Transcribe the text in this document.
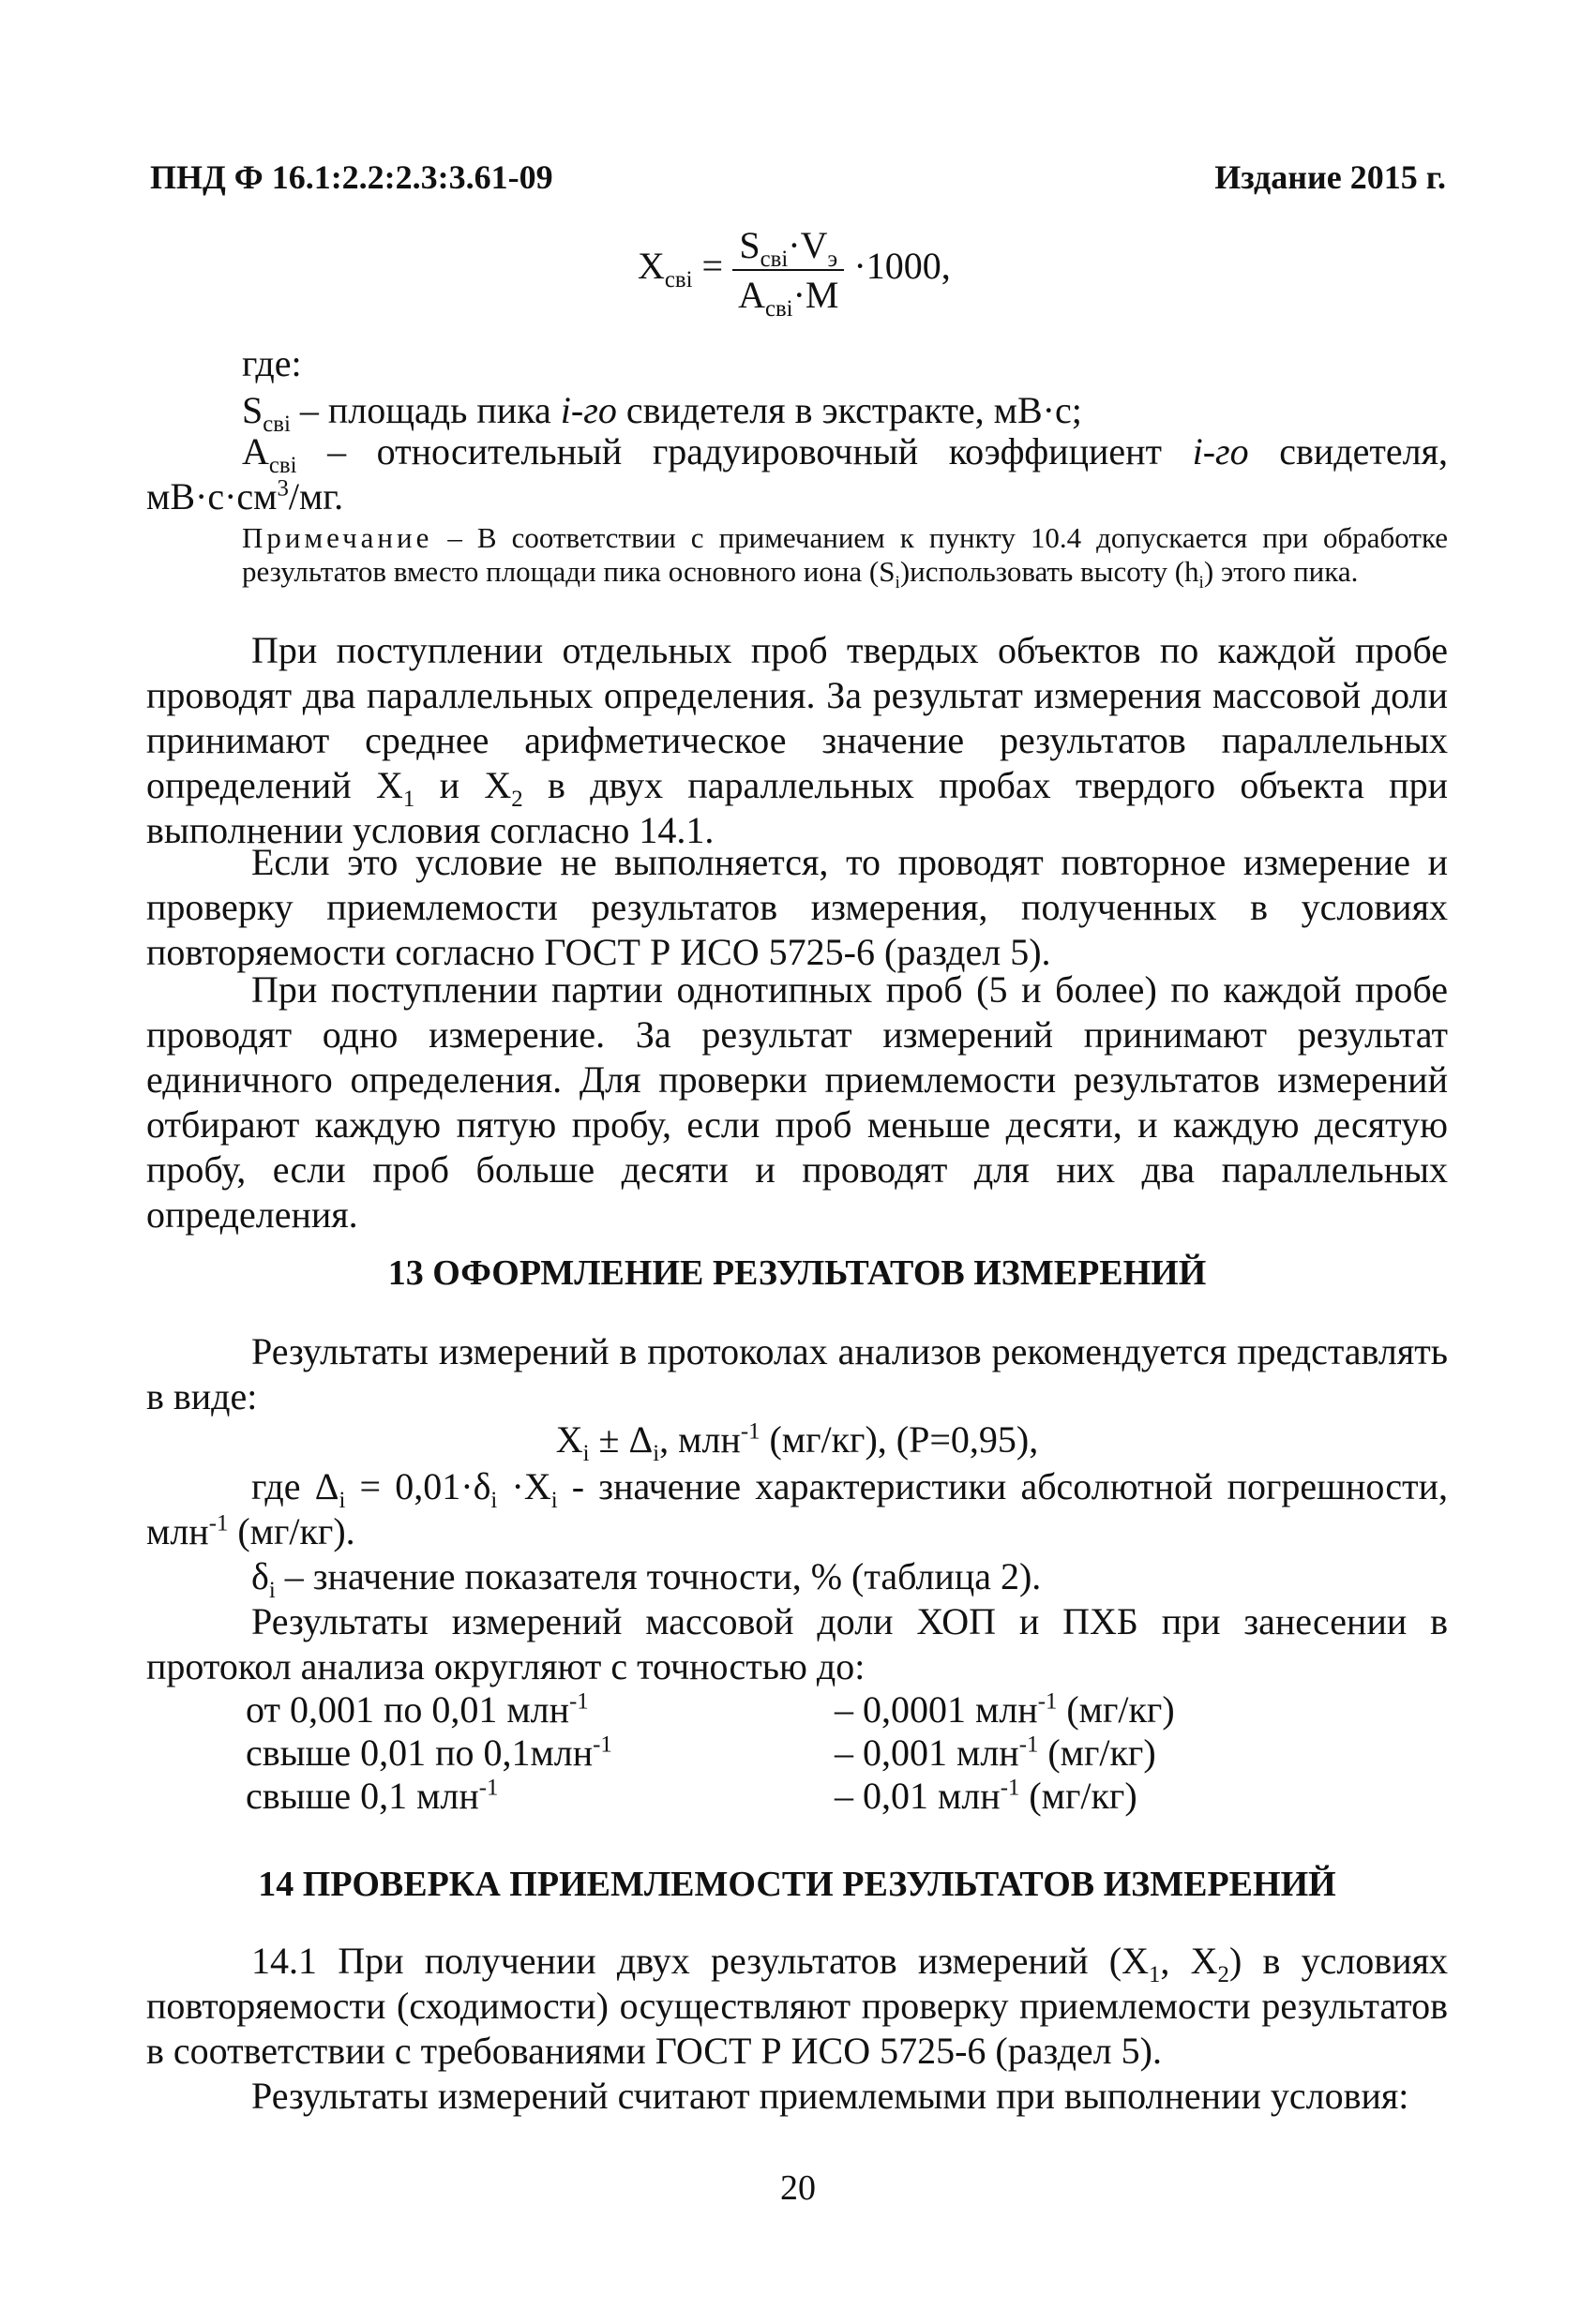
ПНД Ф 16.1:2.2:2.3:3.61-09	Издание 2015 г.
$X_{свi} = \frac{S_{свi}\cdot V_э}{A_{свi}\cdot M} \cdot 1000$,
где:
$S_{свi}$ – площадь пика i-го свидетеля в экстракте, мВ·с;
$A_{свi}$ – относительный градуировочный коэффициент i-го свидетеля, $мВ\cdot с\cdot см^3/мг$.
Примечание – В соответствии с примечанием к пункту 10.4 допускается при обработке результатов вместо площади пика основного иона $(S_i)использовать$ высоту $(h_i)$ этого пика.
При поступлении отдельных проб твердых объектов по каждой пробе проводят два параллельных определения. За результат измерения массовой доли принимают среднее арифметическое значение результатов параллельных определений $X_1$ и $X_2$ в двух параллельных пробах твердого объекта при выполнении условия согласно 14.1.
Если это условие не выполняется, то проводят повторное измерение и проверку приемлемости результатов измерения, полученных в условиях повторяемости согласно ГОСТ Р ИСО 5725-6 (раздел 5).
При поступлении партии однотипных проб (5 и более) по каждой пробе проводят одно измерение. За результат измерений принимают результат единичного определения. Для проверки приемлемости результатов измерений отбирают каждую пятую пробу, если проб меньше десяти, и каждую десятую пробу, если проб больше десяти и проводят для них два параллельных определения.
13 ОФОРМЛЕНИЕ РЕЗУЛЬТАТОВ ИЗМЕРЕНИЙ
Результаты измерений в протоколах анализов рекомендуется представлять в виде:
$X_i \pm \Delta_i$, млн$^{-1}$ (мг/кг), (Р=0,95),
где $\Delta_i = 0,01\cdot\delta_i \cdot X_i$ - значение характеристики абсолютной погрешности, млн$^{-1}$ (мг/кг).
$\delta_i$ – значение показателя точности, % (таблица 2).
Результаты измерений массовой доли ХОП и ПХБ при занесении в протокол анализа округляют с точностью до:
от 0,001 по 0,01 млн$^{-1}$	– 0,0001 млн$^{-1}$ (мг/кг)
свыше 0,01 по 0,1млн$^{-1}$	– 0,001 млн$^{-1}$ (мг/кг)
свыше 0,1 млн$^{-1}$	– 0,01 млн$^{-1}$ (мг/кг)
14 ПРОВЕРКА ПРИЕМЛЕМОСТИ РЕЗУЛЬТАТОВ ИЗМЕРЕНИЙ
14.1 При получении двух результатов измерений ($X_1$, $X_2$) в условиях повторяемости (сходимости) осуществляют проверку приемлемости результатов в соответствии с требованиями ГОСТ Р ИСО 5725-6 (раздел 5).
Результаты измерений считают приемлемыми при выполнении условия:
20
